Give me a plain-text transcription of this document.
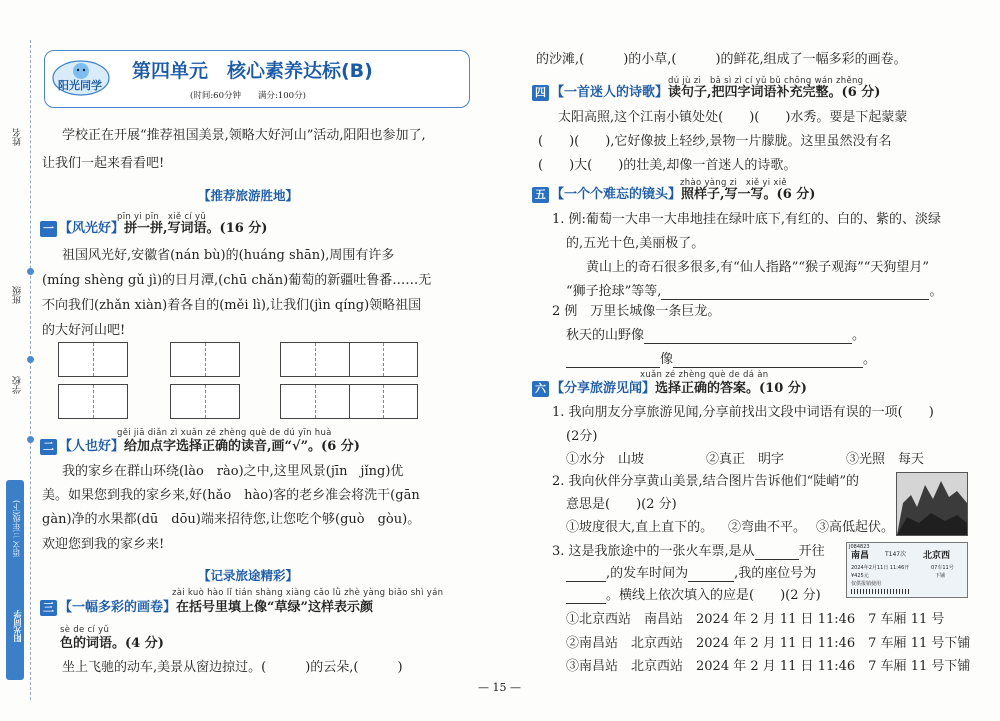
姓名
班级
学校
语文 三年级(下)
阳光同学
阳光同学
第四单元　核心素养达标(B)
(时间:60分钟　　满分:100分)
学校正在开展“推荐祖国美景,领略大好河山”活动,阳阳也参加了,
让我们一起来看看吧!
【推荐旅游胜地】
pīn yi pīn　xiě cí yǔ
一 【风光好】拼一拼,写词语。(16 分)
祖国风光好,安徽省(nán bù)的(huáng shān),周围有许多
(míng shèng gǔ jì)的日月潭,(chū chǎn)葡萄的新疆吐鲁番……无
不向我们(zhǎn xiàn)着各自的(měi lì),让我们(jìn qíng)领略祖国
的大好河山吧!
gěi jiā diǎn zì xuǎn zé zhèng què de dú yīn huà
二 【人也好】给加点字选择正确的读音,画“√”。(6 分)
我的家乡在群山环绕(lào　rào)之中,这里风景(jīn　jǐng)优
美。如果您到我的家乡来,好(hǎo　hào)客的老乡准会将洗干(gān
gàn)净的水果都(dū　dōu)端来招待您,让您吃个够(guò　gòu)。
欢迎您到我的家乡来!
【记录旅途精彩】
zài kuò hào lǐ tián shàng xiàng cǎo lǜ zhè yàng biǎo shì yán
三 【一幅多彩的画卷】在括号里填上像“草绿”这样表示颜
sè de cí yǔ
色的词语。(4 分)
坐上飞驰的动车,美景从窗边掠过。(　　　)的云朵,(　　　)
的沙滩,(　　　)的小草,(　　　)的鲜花,组成了一幅多彩的画卷。
dú jù zi　bǎ sì zì cí yǔ bǔ chōng wán zhěng
四 【一首迷人的诗歌】读句子,把四字词语补充完整。(6 分)
太阳高照,这个江南小镇处处(　　)(　　)水秀。要是下起蒙蒙
(　　)(　　),它好像披上轻纱,景物一片朦胧。这里虽然没有名
(　　)大(　　)的壮美,却像一首迷人的诗歌。
zhào yàng zi　xiě yi xiě
五 【一个个难忘的镜头】照样子,写一写。(6 分)
1. 例:葡萄一大串一大串地挂在绿叶底下,有红的、白的、紫的、淡绿
的,五光十色,美丽极了。
黄山上的奇石很多很多,有“仙人指路”“猴子观海”“天狗望月”
“狮子抢球”等等,	。
2 例　万里长城像一条巨龙。
秋天的山野像	。
像	。
xuǎn zé zhèng què de dá àn
六 【分享旅游见闻】选择正确的答案。(10 分)
1. 我向朋友分享旅游见闻,分享前找出文段中词语有误的一项(　　)
(2分)
①水分　山坡	②真正　明字	③光照　每天
2. 我向伙伴分享黄山美景,结合图片告诉他们“陡峭”的
意思是(　　)(2 分)
①坡度很大,直上直下的。 ②弯曲不平。 ③高低起伏。
3. 这是我旅途中的一张火车票,是从	开往
,的发车时间为	,我的座位号为
。横线上依次填入的应是(　　)(2 分)
J084823
南昌	T147次 北京西
2024年2月11日 11:46开	07车11号
¥425元	下铺
仅供报销使用
①北京西站　南昌站　2024 年 2 月 11 日 11:46　7 车厢 11 号
②南昌站　北京西站　2024 年 2 月 11 日 11:46　7 车厢 11 号下铺
③南昌站　北京西站　2024 年 2 月 11 日 11:46　7 车厢 11 号下铺
— 15 —
